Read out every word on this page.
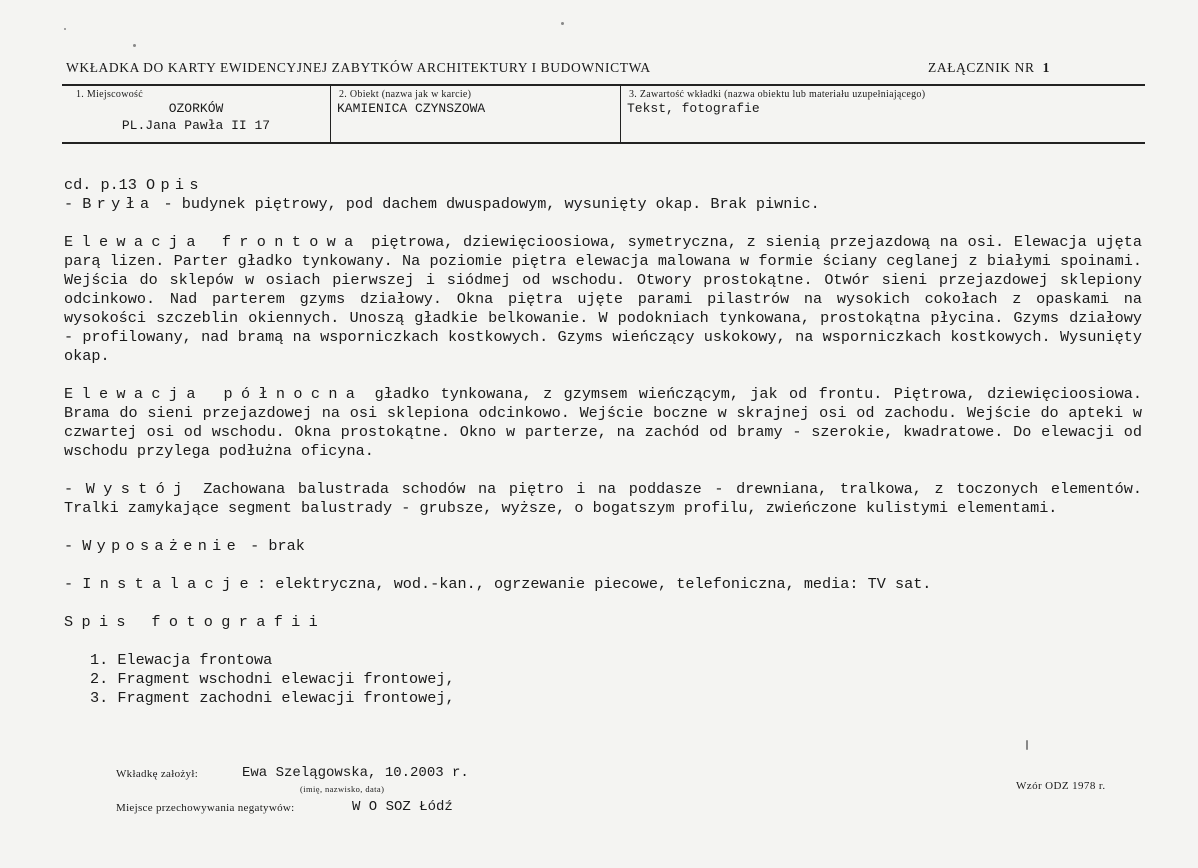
WKŁADKA DO KARTY EWIDENCYJNEJ ZABYTKÓW ARCHITEKTURY I BUDOWNICTWA	ZAŁĄCZNIK NR 1
1. Miejscowość
OZORKÓW
PL.Jana Pawła II 17
2. Obiekt (nazwa jak w karcie)
KAMIENICA CZYNSZOWA
3. Zawartość wkładki (nazwa obiektu lub materiału uzupełniającego)
Tekst, fotografie

cd. p.13 Opis

- Bryła - budynek piętrowy, pod dachem dwuspadowym, wysunięty okap. Brak piwnic.

Elewacja frontowa piętrowa, dziewięcioosiowa, symetryczna, z sienią przejazdową na osi. Elewacja ujęta parą lizen. Parter gładko tynkowany. Na poziomie piętra elewacja malowana w formie ściany ceglanej z białymi spoinami. Wejścia do sklepów w osiach pierwszej i siódmej od wschodu. Otwory prostokątne. Otwór sieni przejazdowej sklepiony odcinkowo. Nad parterem gzyms działowy. Okna piętra ujęte parami pilastrów na wysokich cokołach z opaskami na wysokości szczeblin okiennych. Unoszą gładkie belkowanie. W podokniach tynkowana, prostokątna płycina. Gzyms działowy - profilowany, nad bramą na wsporniczkach kostkowych. Gzyms wieńczący uskokowy, na wsporniczkach kostkowych. Wysunięty okap.

Elewacja północna gładko tynkowana, z gzymsem wieńczącym, jak od frontu. Piętrowa, dziewięcioosiowa. Brama do sieni przejazdowej na osi sklepiona odcinkowo. Wejście boczne w skrajnej osi od zachodu. Wejście do apteki w czwartej osi od wschodu. Okna prostokątne. Okno w parterze, na zachód od bramy - szerokie, kwadratowe. Do elewacji od wschodu przylega podłużna oficyna.

- Wystój Zachowana balustrada schodów na piętro i na poddasze - drewniana, tralkowa, z toczonych elementów. Tralki zamykające segment balustrady - grubsze, wyższe, o bogatszym profilu, zwieńczone kulistymi elementami.

- Wyposażenie - brak

- Instalacje: elektryczna, wod.-kan., ogrzewanie piecowe, telefoniczna, media: TV sat.

Spis fotografii

1. Elewacja frontowa
2. Fragment wschodni elewacji frontowej,
3. Fragment zachodni elewacji frontowej,
Wkładkę założył:	Ewa Szelągowska, 10.2003 r.
(imię, nazwisko, data)
Miejsce przechowywania negatywów:	W O SOZ Łódź
Wzór ODZ 1978 r.
